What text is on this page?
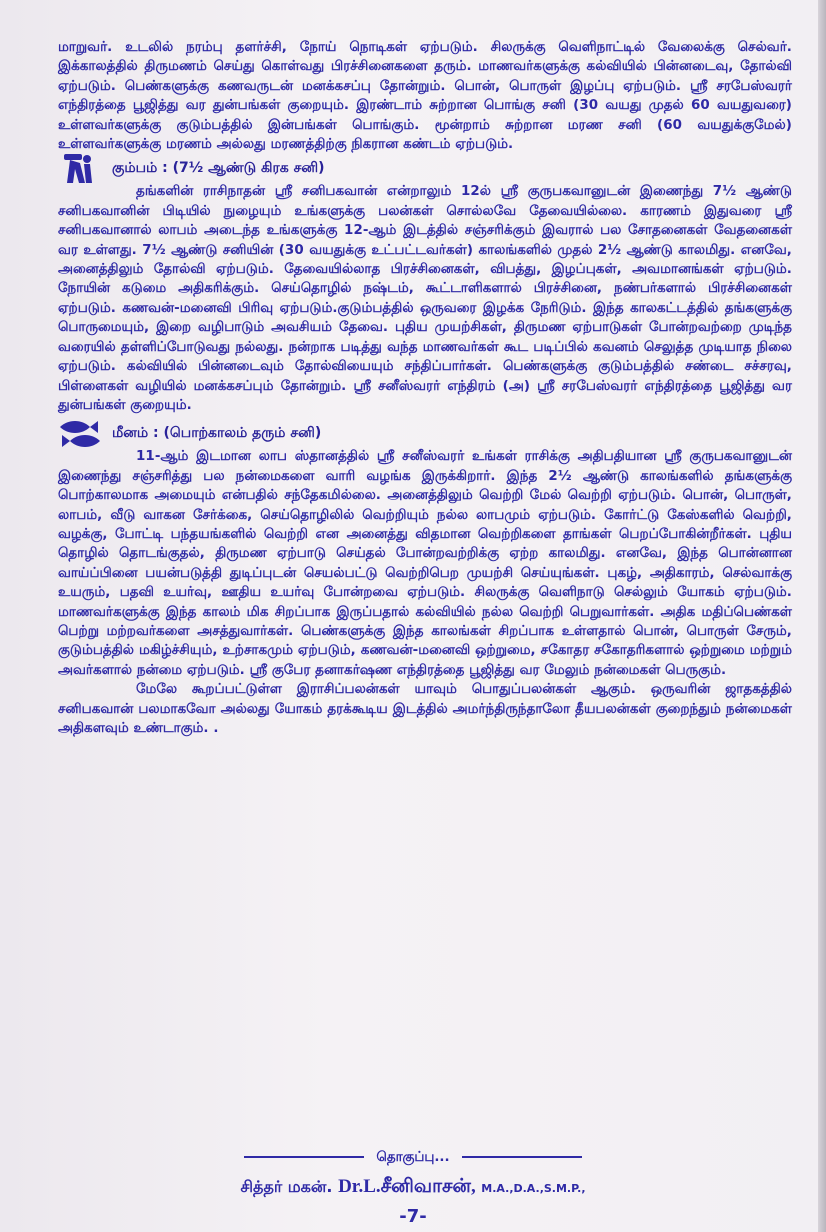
மாறுவர். உடலில் நரம்பு தளர்ச்சி, நோய் நொடிகள் ஏற்படும். சிலருக்கு வெளிநாட்டில் வேலைக்கு செல்வர். இக்காலத்தில் திருமணம் செய்து கொள்வது பிரச்சினைகளை தரும். மாணவர்களுக்கு கல்வியில் பின்னடைவு, தோல்வி ஏற்படும். பெண்களுக்கு கணவருடன் மனக்கசப்பு தோன்றும். பொன், பொருள் இழப்பு ஏற்படும். ஸ்ரீ சரபேஸ்வரர் எந்திரத்தை பூஜித்து வர துன்பங்கள் குறையும். இரண்டாம் சுற்றான பொங்கு சனி (30 வயது முதல் 60 வயதுவரை) உள்ளவர்களுக்கு குடும்பத்தில் இன்பங்கள் பொங்கும். மூன்றாம் சுற்றான மரண சனி (60 வயதுக்குமேல்) உள்ளவர்களுக்கு மரணம் அல்லது மரணத்திற்கு நிகரான கண்டம் ஏற்படும்.

கும்பம் : (7½ ஆண்டு கிரக சனி)

தங்களின் ராசிநாதன் ஸ்ரீ சனிபகவான் என்றாலும் 12ல் ஸ்ரீ குருபகவானுடன் இணைந்து 7½ ஆண்டு சனிபகவானின் பிடியில் நுழையும் உங்களுக்கு பலன்கள் சொல்லவே தேவையில்லை. காரணம் இதுவரை ஸ்ரீ சனிபகவானால் லாபம் அடைந்த உங்களுக்கு 12-ஆம் இடத்தில் சஞ்சரிக்கும் இவரால் பல சோதனைகள் வேதனைகள் வர உள்ளது. 7½ ஆண்டு சனியின் (30 வயதுக்கு உட்பட்டவர்கள்) காலங்களில் முதல் 2½ ஆண்டு காலமிது. எனவே, அனைத்திலும் தோல்வி ஏற்படும். தேவையில்லாத பிரச்சினைகள், விபத்து, இழப்புகள், அவமானங்கள் ஏற்படும். நோயின் கடுமை அதிகரிக்கும். செய்தொழில் நஷ்டம், கூட்டாளிகளால் பிரச்சினை, நண்பர்களால் பிரச்சினைகள் ஏற்படும். கணவன்-மனைவி பிரிவு ஏற்படும்.குடும்பத்தில் ஒருவரை இழக்க நேரிடும். இந்த காலகட்டத்தில் தங்களுக்கு பொருமையும், இறை வழிபாடும் அவசியம் தேவை. புதிய முயற்சிகள், திருமண ஏற்பாடுகள் போன்றவற்றை முடிந்த வரையில் தள்ளிப்போடுவது நல்லது. நன்றாக படித்து வந்த மாணவர்கள் கூட படிப்பில் கவனம் செலுத்த முடியாத நிலை ஏற்படும். கல்வியில் பின்னடைவும் தோல்வியையும் சந்திப்பார்கள். பெண்களுக்கு குடும்பத்தில் சண்டை சச்சரவு, பிள்ளைகள் வழியில் மனக்கசப்பும் தோன்றும். ஸ்ரீ சனீஸ்வரர் எந்திரம் (அ) ஸ்ரீ சரபேஸ்வரர் எந்திரத்தை பூஜித்து வர துன்பங்கள் குறையும்.

மீனம் : (பொற்காலம் தரும் சனி)

11-ஆம் இடமான லாப ஸ்தானத்தில் ஸ்ரீ சனீஸ்வரர் உங்கள் ராசிக்கு அதிபதியான ஸ்ரீ குருபகவானுடன் இணைந்து சஞ்சரித்து பல நன்மைகளை வாரி வழங்க இருக்கிறார். இந்த 2½ ஆண்டு காலங்களில் தங்களுக்கு பொற்காலமாக அமையும் என்பதில் சந்தேகமில்லை. அனைத்திலும் வெற்றி மேல் வெற்றி ஏற்படும். பொன், பொருள், லாபம், வீடு வாகன சேர்க்கை, செய்தொழிலில் வெற்றியும் நல்ல லாபமும் ஏற்படும். கோர்ட்டு கேஸ்களில் வெற்றி, வழக்கு, போட்டி பந்தயங்களில் வெற்றி என அனைத்து விதமான வெற்றிகளை தாங்கள் பெறப்போகின்றீர்கள். புதிய தொழில் தொடங்குதல், திருமண ஏற்பாடு செய்தல் போன்றவற்றிக்கு ஏற்ற காலமிது. எனவே, இந்த பொன்னான வாய்ப்பினை பயன்படுத்தி துடிப்புடன் செயல்பட்டு வெற்றிபெற முயற்சி செய்யுங்கள். புகழ், அதிகாரம், செல்வாக்கு உயரும், பதவி உயர்வு, ஊதிய உயர்வு போன்றவை ஏற்படும். சிலருக்கு வெளிநாடு செல்லும் யோகம் ஏற்படும். மாணவர்களுக்கு இந்த காலம் மிக சிறப்பாக இருப்பதால் கல்வியில் நல்ல வெற்றி பெறுவார்கள். அதிக மதிப்பெண்கள் பெற்று மற்றவர்களை அசத்துவார்கள். பெண்களுக்கு இந்த காலங்கள் சிறப்பாக உள்ளதால் பொன், பொருள் சேரும், குடும்பத்தில் மகிழ்ச்சியும், உற்சாகமும் ஏற்படும், கணவன்-மனைவி ஒற்றுமை, சகோதர சகோதரிகளால் ஒற்றுமை மற்றும் அவர்களால் நன்மை ஏற்படும். ஸ்ரீ குபேர தனாகர்ஷண எந்திரத்தை பூஜித்து வர மேலும் நன்மைகள் பெருகும்.

மேலே கூறப்பட்டுள்ள இராசிப்பலன்கள் யாவும் பொதுப்பலன்கள் ஆகும். ஒருவரின் ஜாதகத்தில் சனிபகவான் பலமாகவோ அல்லது யோகம் தரக்கூடிய இடத்தில் அமர்ந்திருந்தாலோ தீயபலன்கள் குறைந்தும் நன்மைகள் அதிகளவும் உண்டாகும். .

தொகுப்பு...
சித்தர் மகன். Dr.L.சீனிவாசன், M.A.,D.A.,S.M.P.,
-7-
